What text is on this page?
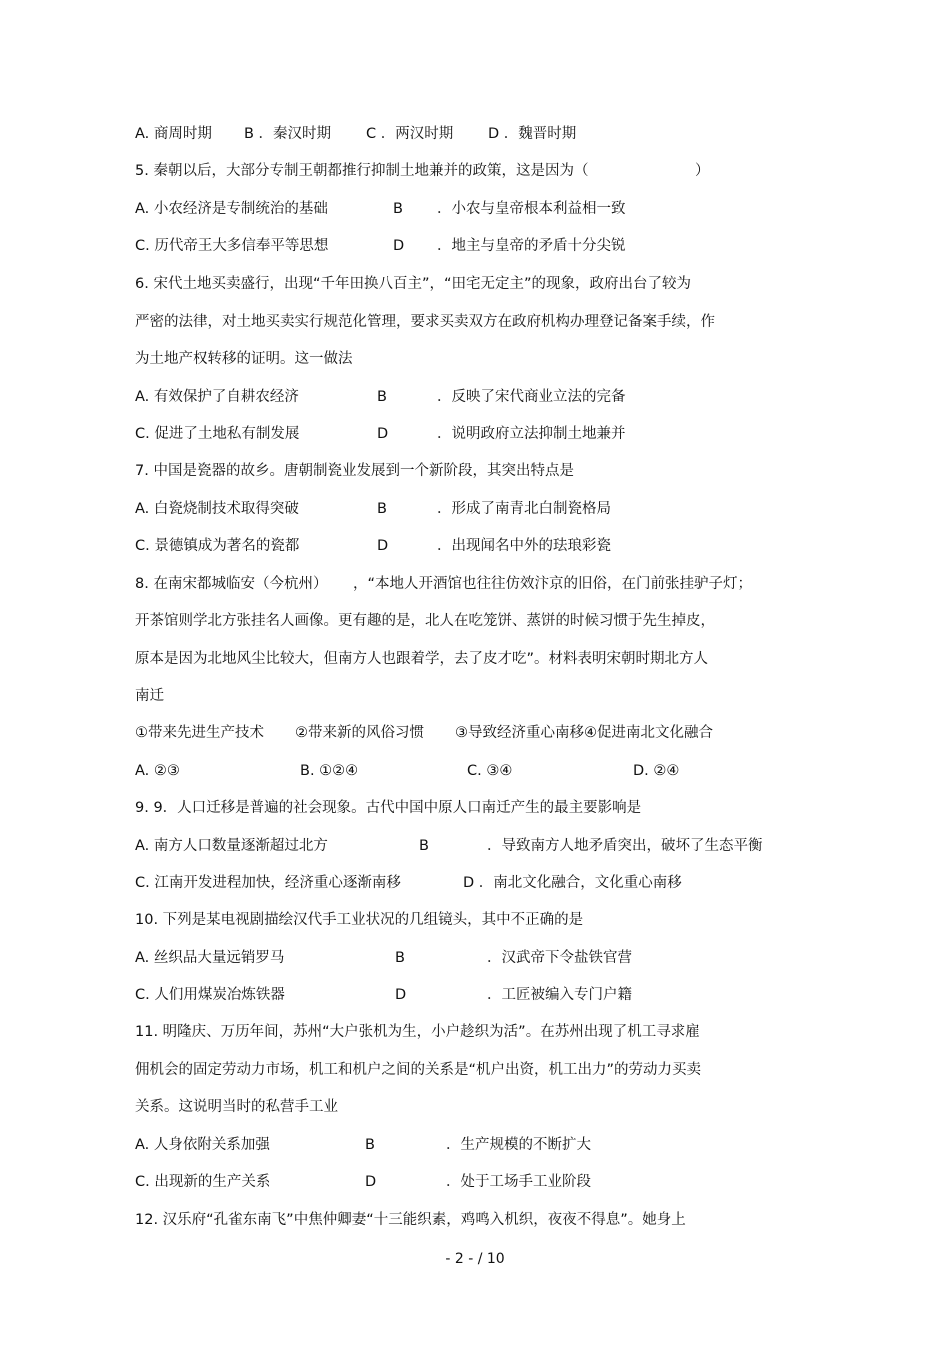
A. 商周时期

B ．秦汉时期

C ．两汉时期

D ．魏晋时期

5. 秦朝以后，大部分专制王朝都推行抑制土地兼并的政策，这是因为（

	）

A. 小农经济是专制统治的基础

	B

．小农与皇帝根本利益相一致

C. 历代帝王大多信奉平等思想

	D

．地主与皇帝的矛盾十分尖锐

6. 宋代土地买卖盛行，出现“千年田换八百主”，“田宅无定主”的现象，政府出台了较为

严密的法律，对土地买卖实行规范化管理，要求买卖双方在政府机构办理登记备案手续，作

为土地产权转移的证明。这一做法

A. 有效保护了自耕农经济

	B

	．反映了宋代商业立法的完备

C. 促进了土地私有制发展

	D

	．说明政府立法抑制土地兼并

7. 中国是瓷器的故乡。唐朝制瓷业发展到一个新阶段，其突出特点是

A. 白瓷烧制技术取得突破

	B

	．形成了南青北白制瓷格局

C. 景德镇成为著名的瓷都

	D

	．出现闻名中外的珐琅彩瓷

8. 在南宋都城临安（今杭州）

，“本地人开酒馆也往往仿效汴京的旧俗，在门前张挂驴子灯；

开茶馆则学北方张挂名人画像。更有趣的是，北人在吃笼饼、蒸饼的时候习惯于先生掉皮，

原本是因为北地风尘比较大，但南方人也跟着学，去了皮才吃”。材料表明宋朝时期北方人

南迁

①带来先进生产技术

②带来新的风俗习惯

③导致经济重心南移④促进南北文化融合

A. ②③

	B. ①②④

	C. ③④

	D. ②④

9. 9．人口迁移是普遍的社会现象。古代中国中原人口南迁产生的最主要影响是

A. 南方人口数量逐渐超过北方

	B

	．导致南方人地矛盾突出，破坏了生态平衡

C. 江南开发进程加快，经济重心逐渐南移

	D ．南北文化融合，文化重心南移

10. 下列是某电视剧描绘汉代手工业状况的几组镜头，其中不正确的是

A. 丝织品大量远销罗马

	B

	．汉武帝下令盐铁官营

C. 人们用煤炭冶炼铁器

	D

	．工匠被编入专门户籍

11. 明隆庆、万历年间，苏州“大户张机为生，小户趁织为活”。在苏州出现了机工寻求雇

佣机会的固定劳动力市场，机工和机户之间的关系是“机户出资，机工出力”的劳动力买卖

关系。这说明当时的私营手工业

A. 人身依附关系加强

	B

	．生产规模的不断扩大

C. 出现新的生产关系

	D

	．处于工场手工业阶段

12. 汉乐府“孔雀东南飞”中焦仲卿妻“十三能织素，鸡鸣入机织，夜夜不得息”。她身上

- 2 - / 10
